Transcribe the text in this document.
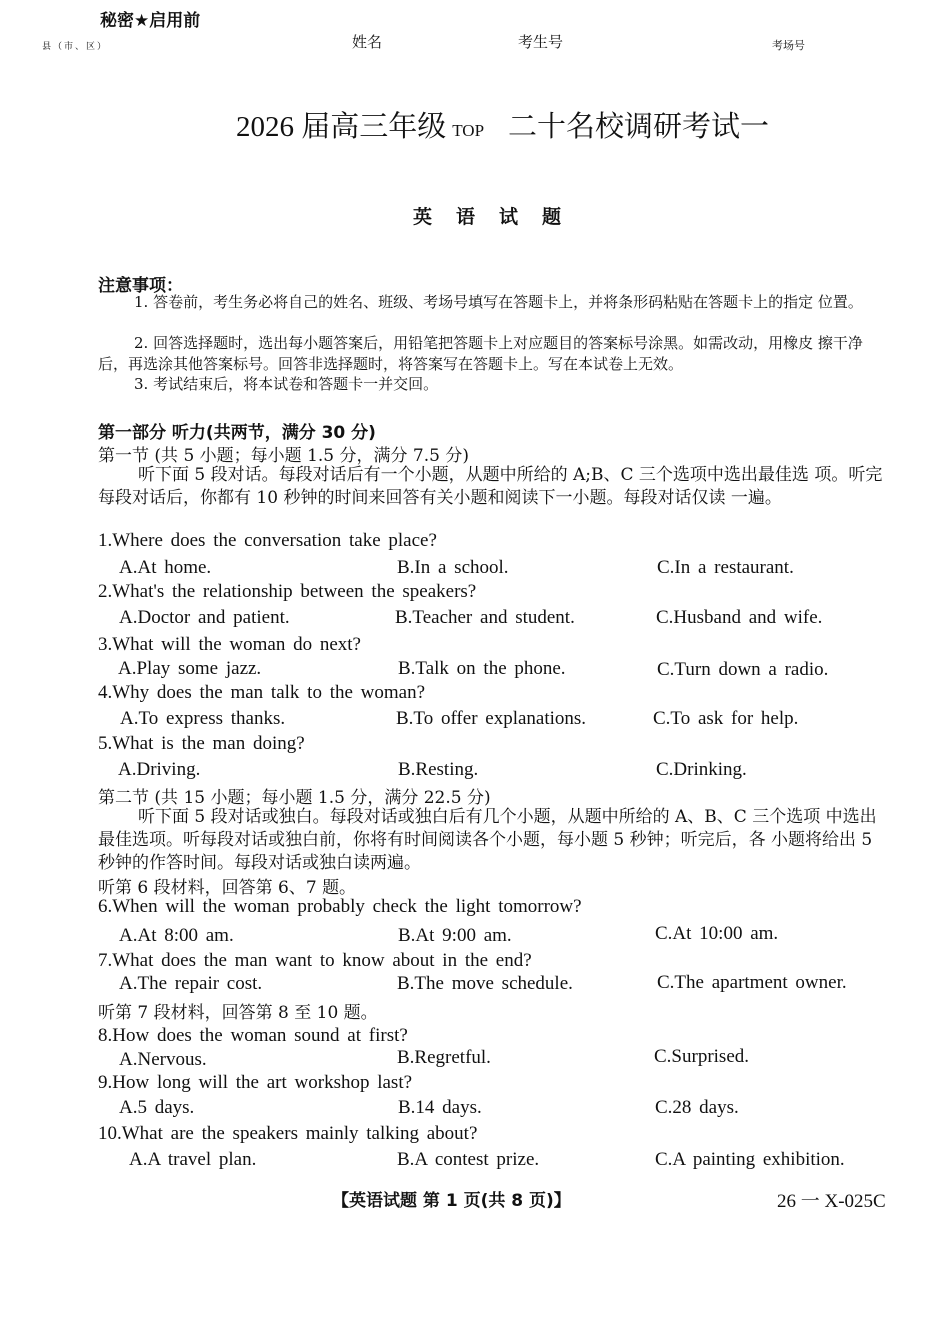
秘密★启用前
县（市、区）	姓名	考生号	考场号
2026 届高三年级 TOP 二十名校调研考试一
英语试题
注意事项：
1. 答卷前，考生务必将自己的姓名、班级、考场号填写在答题卡上，并将条形码粘贴在答题卡上的指定 位置。
2. 回答选择题时，选出每小题答案后，用铅笔把答题卡上对应题目的答案标号涂黑。如需改动，用橡皮 擦干净后，再选涂其他答案标号。回答非选择题时，将答案写在答题卡上。写在本试卷上无效。
3. 考试结束后，将本试卷和答题卡一并交回。
第一部分 听力(共两节，满分 30 分)
第一节 (共 5 小题；每小题 1.5 分，满分 7.5 分)
听下面 5 段对话。每段对话后有一个小题，从题中所给的 A;B、C 三个选项中选出最佳选 项。听完每段对话后，你都有 10 秒钟的时间来回答有关小题和阅读下一小题。每段对话仅读 一遍。
1.Where does the conversation take place?
A.At home.	B.In a school.	C.In a restaurant.
2.What's the relationship between the speakers?
A.Doctor and patient.	B.Teacher and student.	C.Husband and wife.
3.What will the woman do next?
A.Play some jazz.	B.Talk on the phone.	C.Turn down a radio.
4.Why does the man talk to the woman?
A.To express thanks.	B.To offer explanations.	C.To ask for help.
5.What is the man doing?
A.Driving.	B.Resting.	C.Drinking.
第二节 (共 15 小题；每小题 1.5 分，满分 22.5 分)
听下面 5 段对话或独白。每段对话或独白后有几个小题，从题中所给的 A、B、C 三个选项 中选出最佳选项。听每段对话或独白前，你将有时间阅读各个小题，每小题 5 秒钟；听完后，各 小题将给出 5 秒钟的作答时间。每段对话或独白读两遍。
听第 6 段材料，回答第 6、7 题。
6.When will the woman probably check the light tomorrow?
A.At 8:00 am.	B.At 9:00 am.	C.At 10:00 am.
7.What does the man want to know about in the end?
A.The repair cost.	B.The move schedule.	C.The apartment owner.
听第 7 段材料，回答第 8 至 10 题。
8.How does the woman sound at first?
A.Nervous.	B.Regretful.	C.Surprised.
9.How long will the art workshop last?
A.5 days.	B.14 days.	C.28 days.
10.What are the speakers mainly talking about?
A.A travel plan.	B.A contest prize.	C.A painting exhibition.
【英语试题 第 1 页(共 8 页)】	26 一 X-025C
